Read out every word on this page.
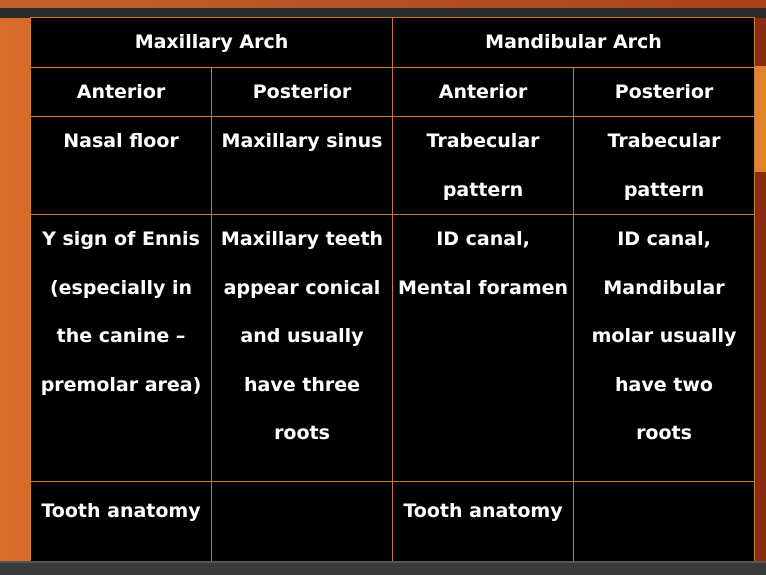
Maxillary Arch		Mandibular Arch	
Anterior	Posterior	Anterior	Posterior
Nasal floor	Maxillary sinus	Trabecular pattern	Trabecular pattern
Y sign of Ennis (especially in the canine – premolar area)	Maxillary teeth appear conical and usually have three roots	ID canal, Mental foramen	ID canal, Mandibular molar usually have two roots
Tooth anatomy		Tooth anatomy	
